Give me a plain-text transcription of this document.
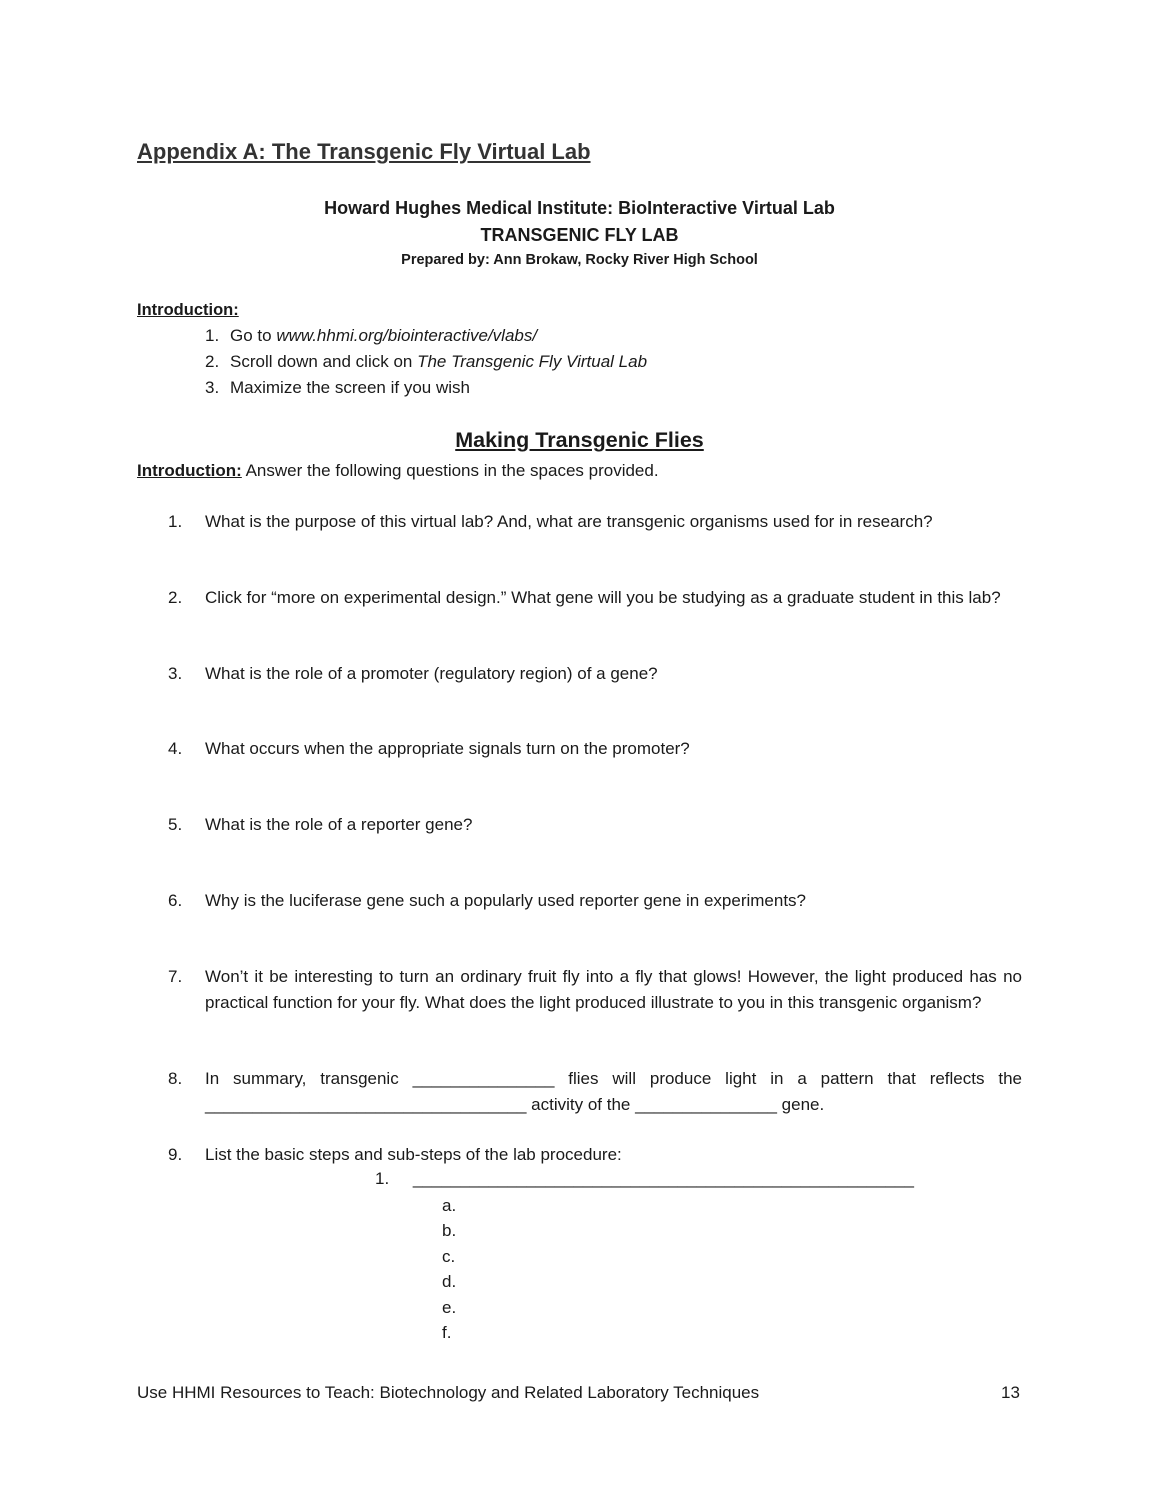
Appendix A: The Transgenic Fly Virtual Lab
Howard Hughes Medical Institute: BioInteractive Virtual Lab
TRANSGENIC FLY LAB
Prepared by: Ann Brokaw, Rocky River High School
Introduction:
1. Go to www.hhmi.org/biointeractive/vlabs/
2. Scroll down and click on The Transgenic Fly Virtual Lab
3. Maximize the screen if you wish
Making Transgenic Flies
Introduction: Answer the following questions in the spaces provided.
1.	What is the purpose of this virtual lab? And, what are transgenic organisms used for in research?
2.	Click for “more on experimental design.” What gene will you be studying as a graduate student in this lab?
3.	What is the role of a promoter (regulatory region) of a gene?
4.	What occurs when the appropriate signals turn on the promoter?
5.	What is the role of a reporter gene?
6.	Why is the luciferase gene such a popularly used reporter gene in experiments?
7.	Won’t it be interesting to turn an ordinary fruit fly into a fly that glows! However, the light produced has no practical function for your fly. What does the light produced illustrate to you in this transgenic organism?
8.	In summary, transgenic _______________ flies will produce light in a pattern that reflects the
__________________________________ activity of the _______________ gene.
9.	List the basic steps and sub-steps of the lab procedure:
1. _____________________________________________________
a.
b.
c.
d.
e.
f.
Use HHMI Resources to Teach: Biotechnology and Related Laboratory Techniques	13
